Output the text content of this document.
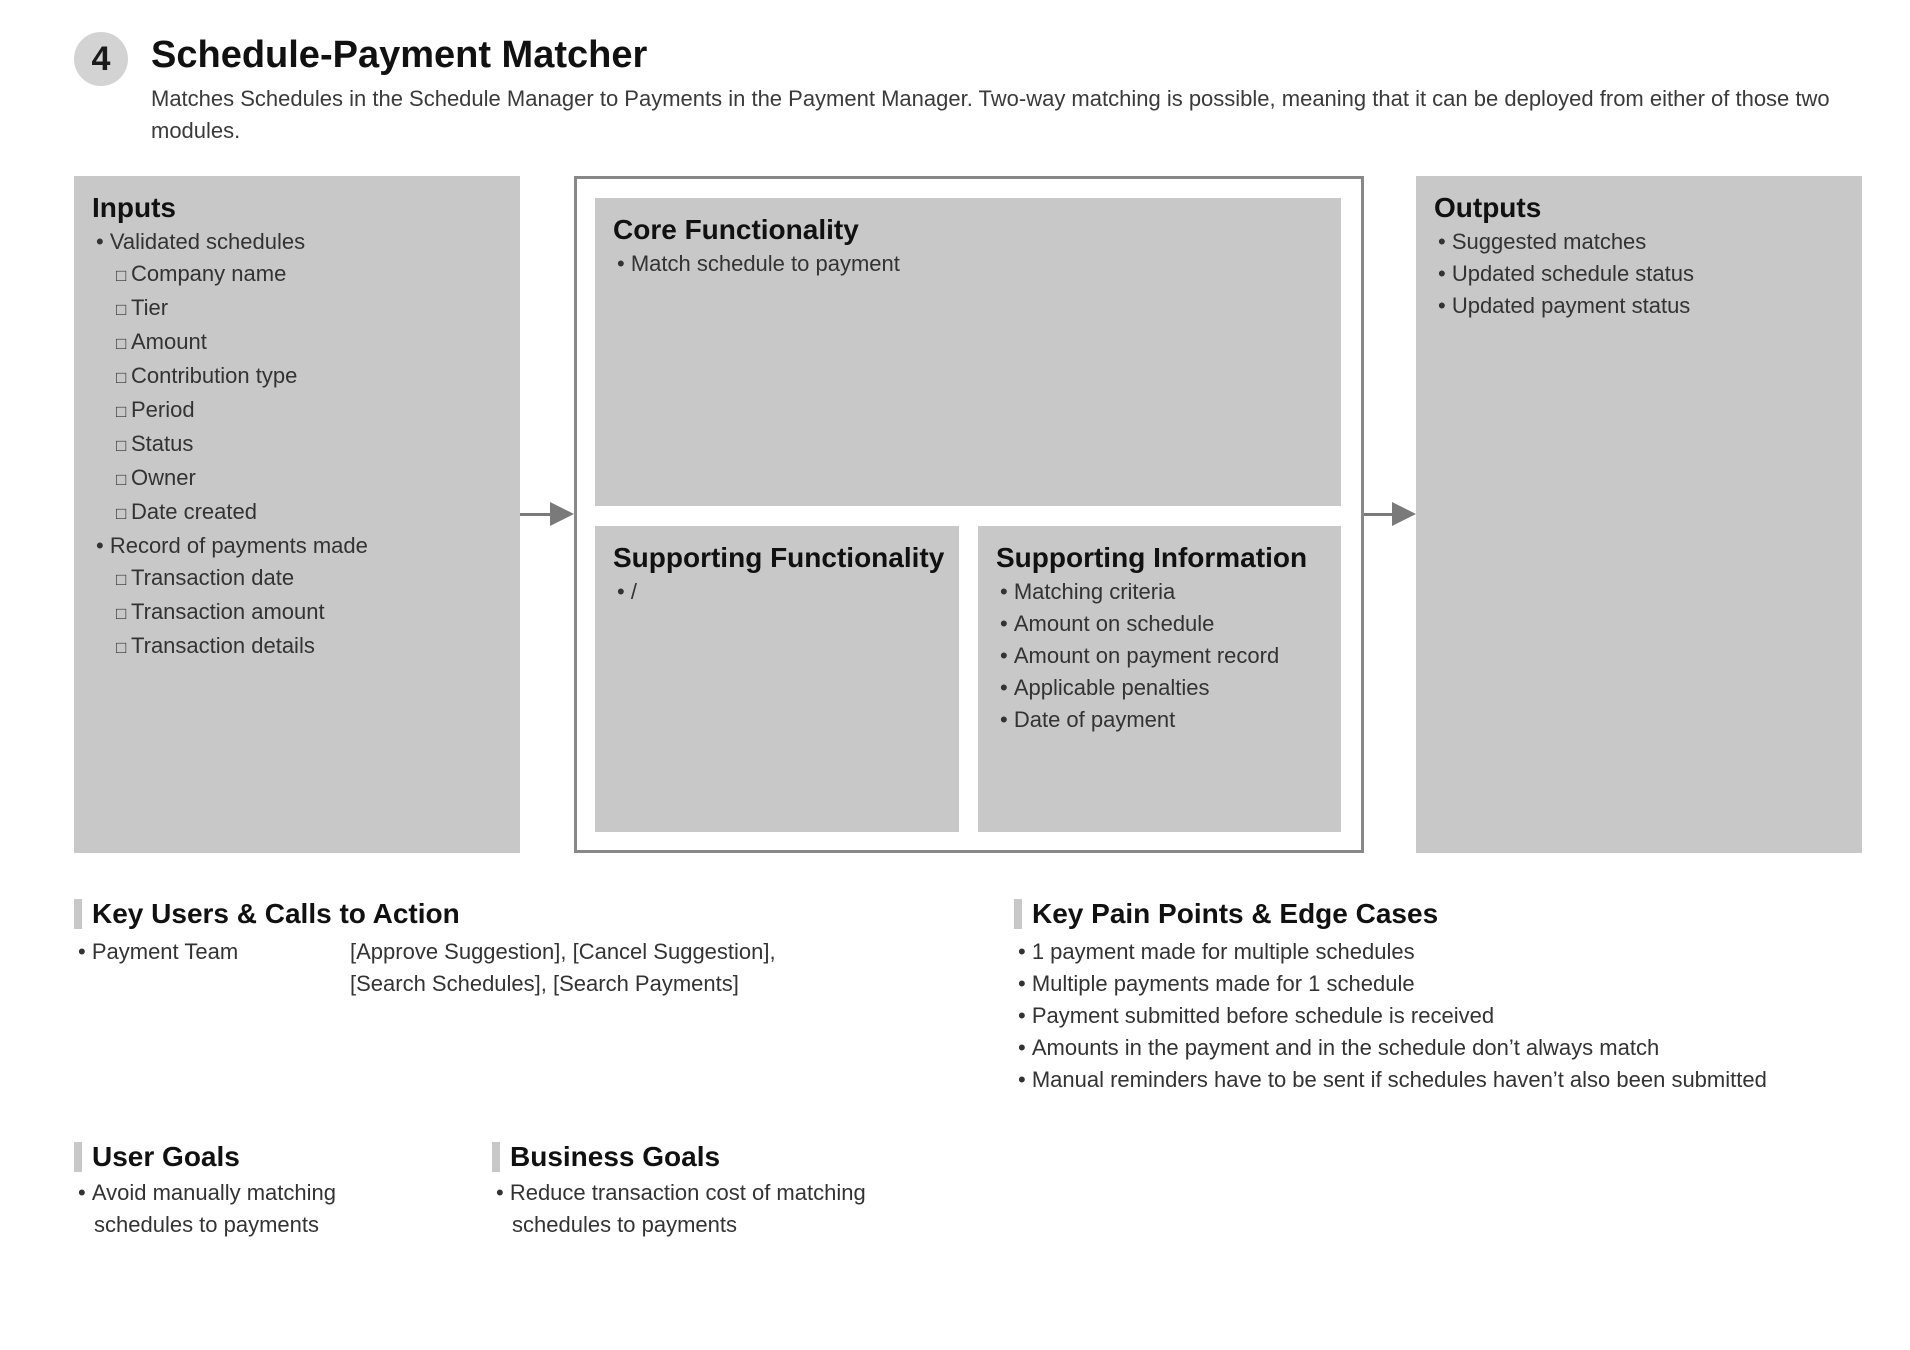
4	Schedule-Payment Matcher
Matches Schedules in the Schedule Manager to Payments in the Payment Manager. Two-way matching is possible, meaning that it can be deployed from either of those two modules.
Inputs
• Validated schedules
□ Company name
□ Tier
□ Amount
□ Contribution type
□ Period
□ Status
□ Owner
□ Date created
• Record of payments made
□ Transaction date
□ Transaction amount
□ Transaction details
Core Functionality
• Match schedule to payment
Supporting Functionality
• /
Supporting Information
• Matching criteria
• Amount on schedule
• Amount on payment record
• Applicable penalties
• Date of payment
Outputs
• Suggested matches
• Updated schedule status
• Updated payment status
Key Users & Calls to Action
• Payment Team	[Approve Suggestion], [Cancel Suggestion], [Search Schedules], [Search Payments]
Key Pain Points & Edge Cases
• 1 payment made for multiple schedules
• Multiple payments made for 1 schedule
• Payment submitted before schedule is received
• Amounts in the payment and in the schedule don’t always match
• Manual reminders have to be sent if schedules haven’t also been submitted
User Goals
• Avoid manually matching schedules to payments
Business Goals
• Reduce transaction cost of matching schedules to payments
